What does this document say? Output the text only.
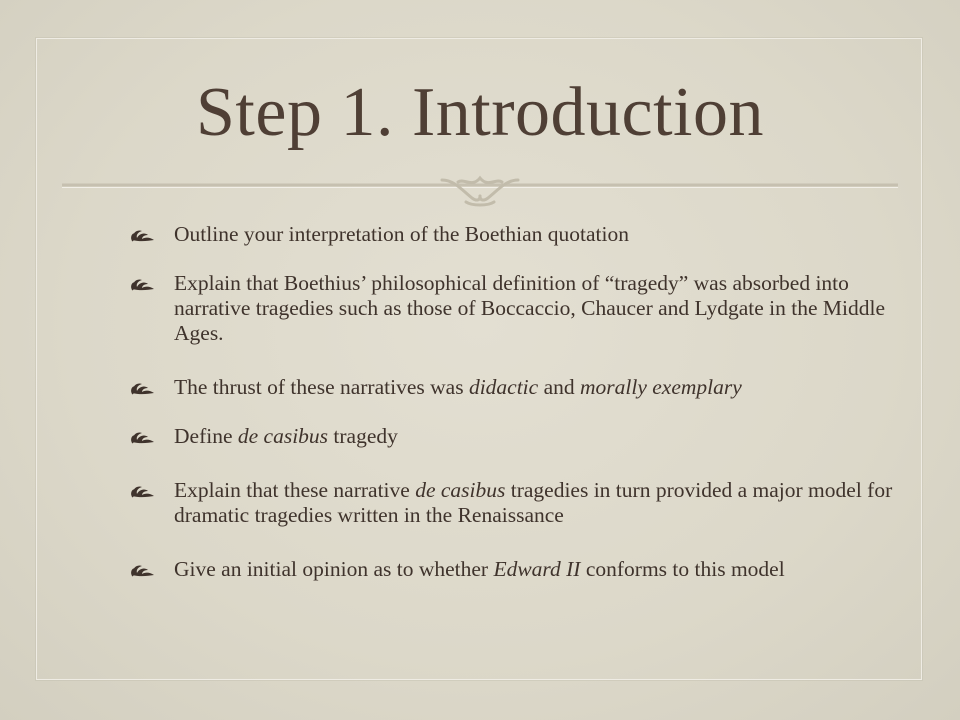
Step 1. Introduction
Outline your interpretation of the Boethian quotation
Explain that Boethius’ philosophical definition of “tragedy” was absorbed into narrative tragedies such as those of Boccaccio, Chaucer and Lydgate in the Middle Ages.
The thrust of these narratives was didactic and morally exemplary
Define de casibus tragedy
Explain that these narrative de casibus tragedies in turn provided a major model for dramatic tragedies written in the Renaissance
Give an initial opinion as to whether Edward II conforms to this model
